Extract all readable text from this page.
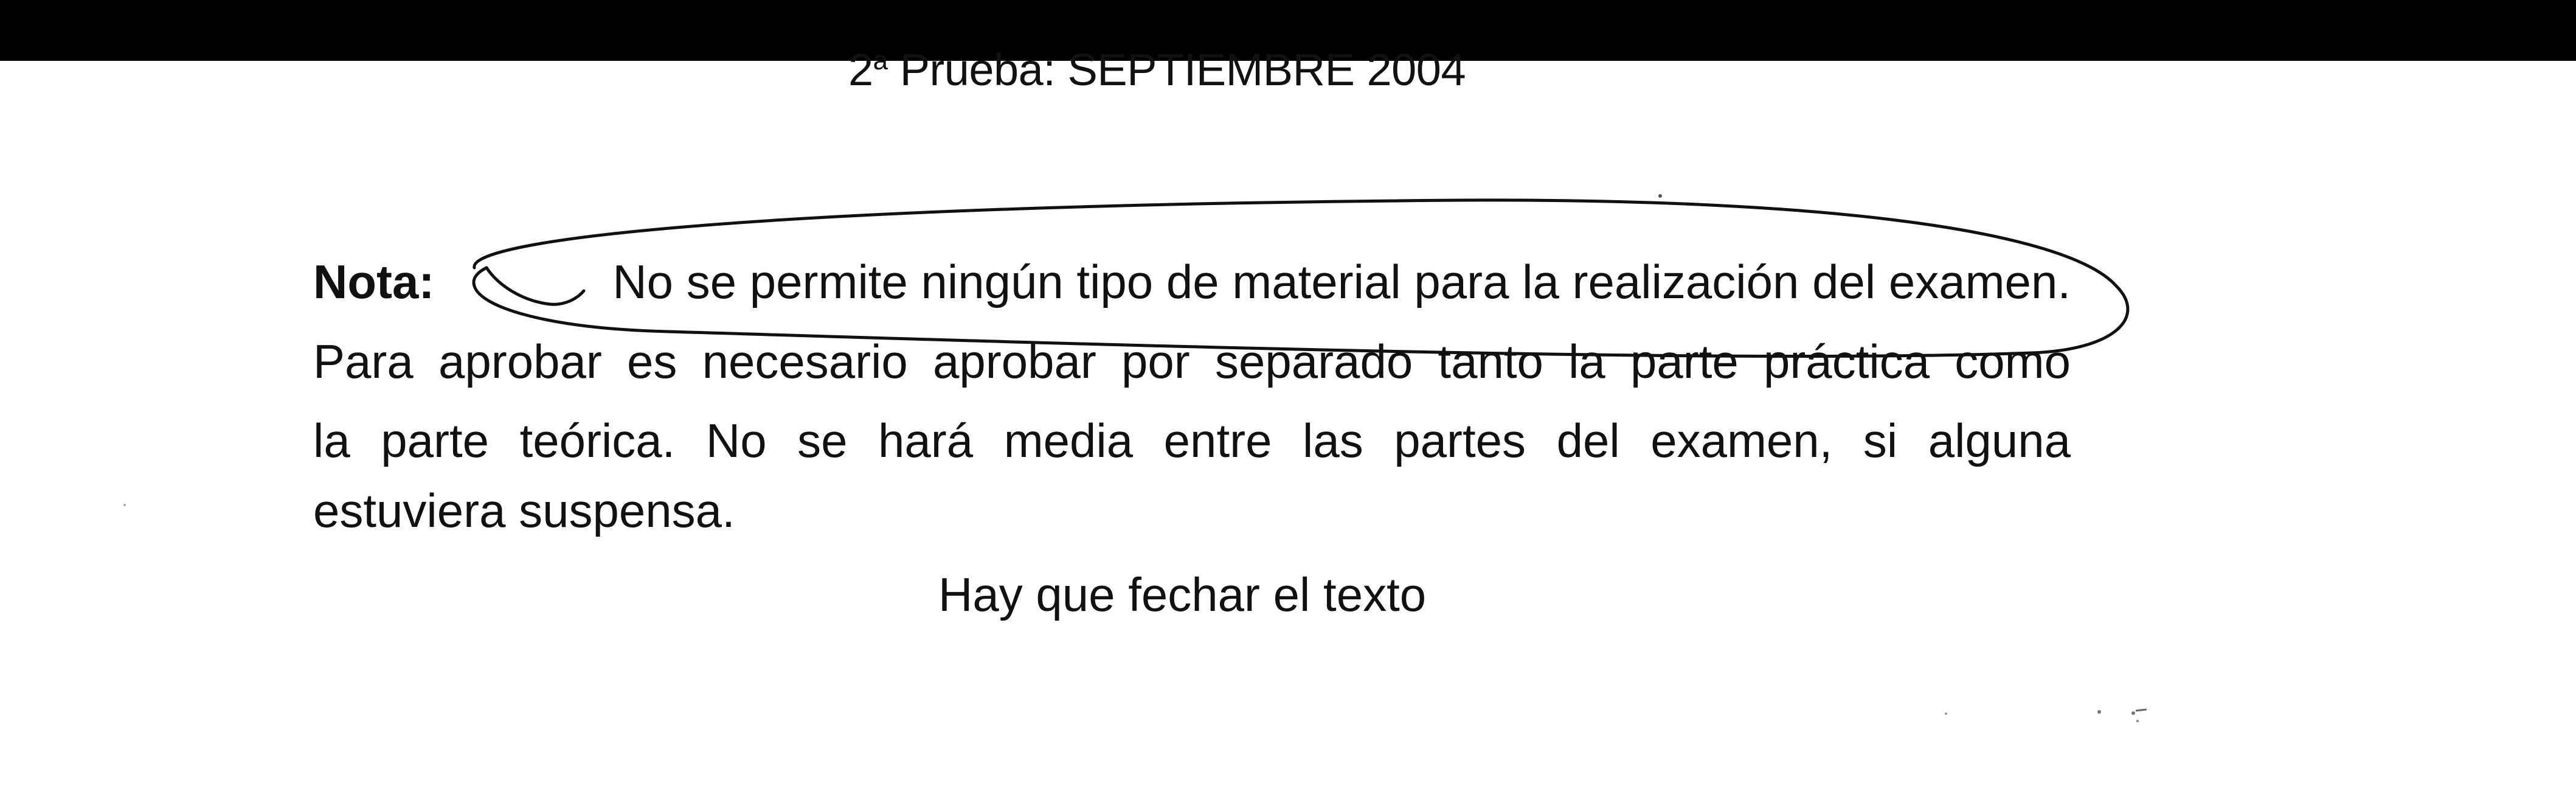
2$^a$ Prueba: SEPTIEMBRE 2004
Nota:	No se permite ningún tipo de material para la realización del examen.
Para aprobar es necesario aprobar por separado tanto la parte práctica como
la parte teórica. No se hará media entre las partes del examen, si alguna
estuviera suspensa.
Hay que fechar el texto
